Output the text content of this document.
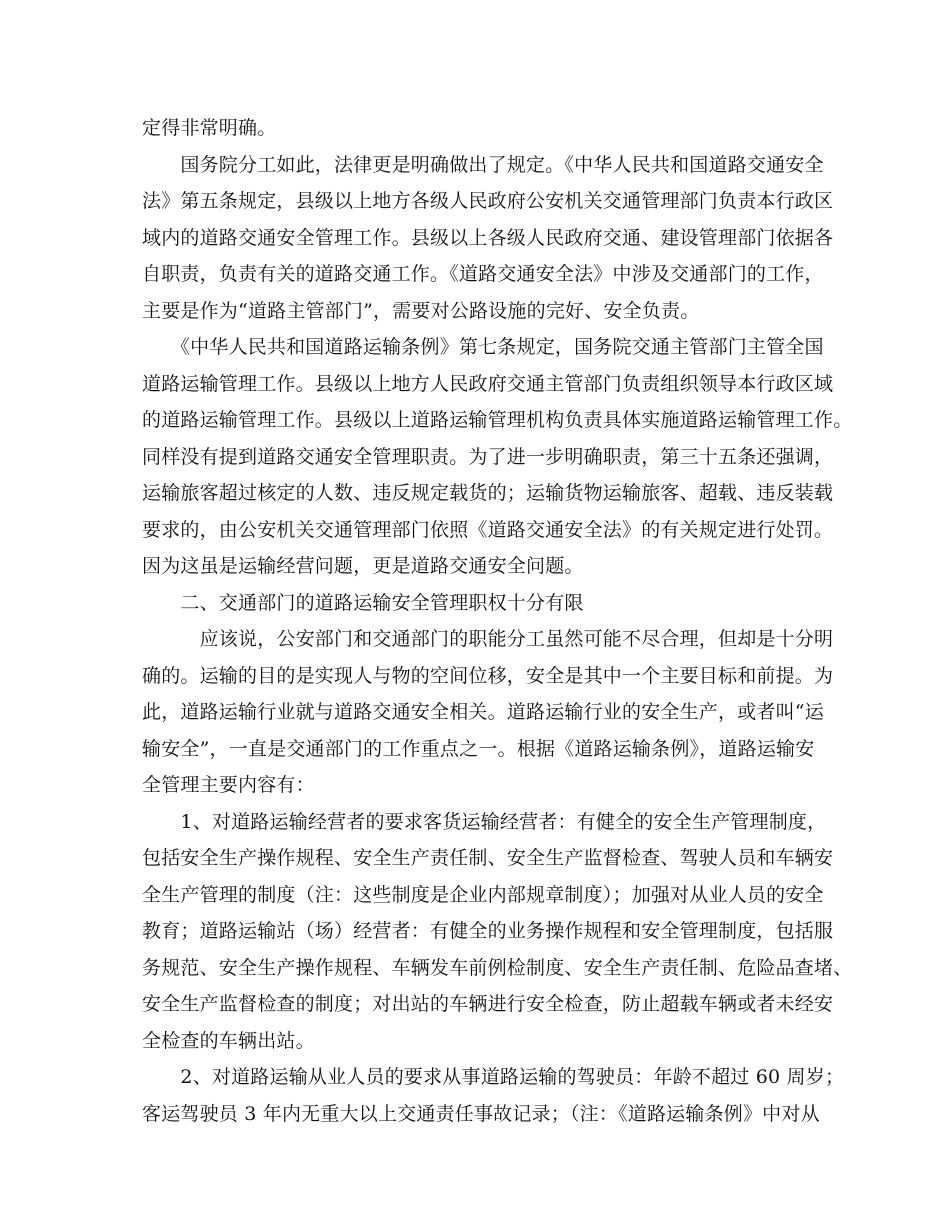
定得非常明确。
　　国务院分工如此，法律更是明确做出了规定。《中华人民共和国道路交通安全
法》第五条规定，县级以上地方各级人民政府公安机关交通管理部门负责本行政区
域内的道路交通安全管理工作。县级以上各级人民政府交通、建设管理部门依据各
自职责，负责有关的道路交通工作。《道路交通安全法》中涉及交通部门的工作，
主要是作为“道路主管部门”，需要对公路设施的完好、安全负责。
　　《中华人民共和国道路运输条例》第七条规定，国务院交通主管部门主管全国
道路运输管理工作。县级以上地方人民政府交通主管部门负责组织领导本行政区域
的道路运输管理工作。县级以上道路运输管理机构负责具体实施道路运输管理工作。
同样没有提到道路交通安全管理职责。为了进一步明确职责，第三十五条还强调，
运输旅客超过核定的人数、违反规定载货的；运输货物运输旅客、超载、违反装载
要求的，由公安机关交通管理部门依照《道路交通安全法》的有关规定进行处罚。
因为这虽是运输经营问题，更是道路交通安全问题。
　　二、交通部门的道路运输安全管理职权十分有限
　　　应该说，公安部门和交通部门的职能分工虽然可能不尽合理，但却是十分明
确的。运输的目的是实现人与物的空间位移，安全是其中一个主要目标和前提。为
此，道路运输行业就与道路交通安全相关。道路运输行业的安全生产，或者叫“运
输安全”，一直是交通部门的工作重点之一。根据《道路运输条例》，道路运输安
全管理主要内容有：
　　1、对道路运输经营者的要求客货运输经营者：有健全的安全生产管理制度，
包括安全生产操作规程、安全生产责任制、安全生产监督检查、驾驶人员和车辆安
全生产管理的制度（注：这些制度是企业内部规章制度）；加强对从业人员的安全
教育；道路运输站（场）经营者：有健全的业务操作规程和安全管理制度，包括服
务规范、安全生产操作规程、车辆发车前例检制度、安全生产责任制、危险品查堵、
安全生产监督检查的制度；对出站的车辆进行安全检查，防止超载车辆或者未经安
全检查的车辆出站。
　　2、对道路运输从业人员的要求从事道路运输的驾驶员：年龄不超过 60 周岁；
客运驾驶员 3 年内无重大以上交通责任事故记录；（注：《道路运输条例》中对从
